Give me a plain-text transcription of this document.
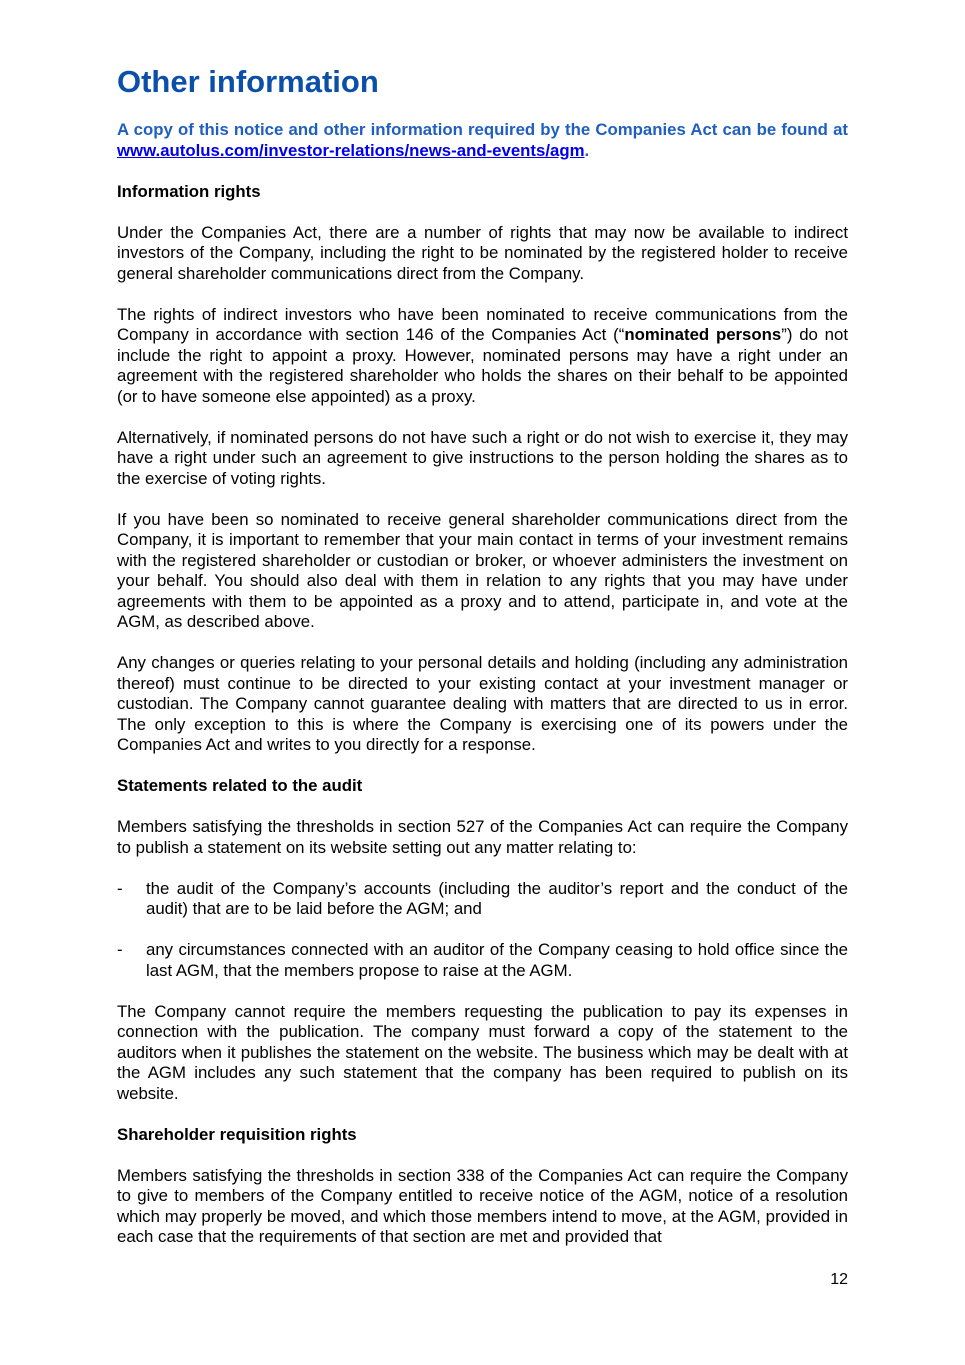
Other information

A copy of this notice and other information required by the Companies Act can be found at www.autolus.com/investor-relations/news-and-events/agm.

Information rights

Under the Companies Act, there are a number of rights that may now be available to indirect investors of the Company, including the right to be nominated by the registered holder to receive general shareholder communications direct from the Company.

The rights of indirect investors who have been nominated to receive communications from the Company in accordance with section 146 of the Companies Act (“nominated persons”) do not include the right to appoint a proxy. However, nominated persons may have a right under an agreement with the registered shareholder who holds the shares on their behalf to be appointed (or to have someone else appointed) as a proxy.

Alternatively, if nominated persons do not have such a right or do not wish to exercise it, they may have a right under such an agreement to give instructions to the person holding the shares as to the exercise of voting rights.

If you have been so nominated to receive general shareholder communications direct from the Company, it is important to remember that your main contact in terms of your investment remains with the registered shareholder or custodian or broker, or whoever administers the investment on your behalf. You should also deal with them in relation to any rights that you may have under agreements with them to be appointed as a proxy and to attend, participate in, and vote at the AGM, as described above.

Any changes or queries relating to your personal details and holding (including any administration thereof) must continue to be directed to your existing contact at your investment manager or custodian. The Company cannot guarantee dealing with matters that are directed to us in error. The only exception to this is where the Company is exercising one of its powers under the Companies Act and writes to you directly for a response.

Statements related to the audit

Members satisfying the thresholds in section 527 of the Companies Act can require the Company to publish a statement on its website setting out any matter relating to:

-	the audit of the Company’s accounts (including the auditor’s report and the conduct of the audit) that are to be laid before the AGM; and
-	any circumstances connected with an auditor of the Company ceasing to hold office since the last AGM, that the members propose to raise at the AGM.

The Company cannot require the members requesting the publication to pay its expenses in connection with the publication. The company must forward a copy of the statement to the auditors when it publishes the statement on the website. The business which may be dealt with at the AGM includes any such statement that the company has been required to publish on its website.

Shareholder requisition rights

Members satisfying the thresholds in section 338 of the Companies Act can require the Company to give to members of the Company entitled to receive notice of the AGM, notice of a resolution which may properly be moved, and which those members intend to move, at the AGM, provided in each case that the requirements of that section are met and provided that

12
